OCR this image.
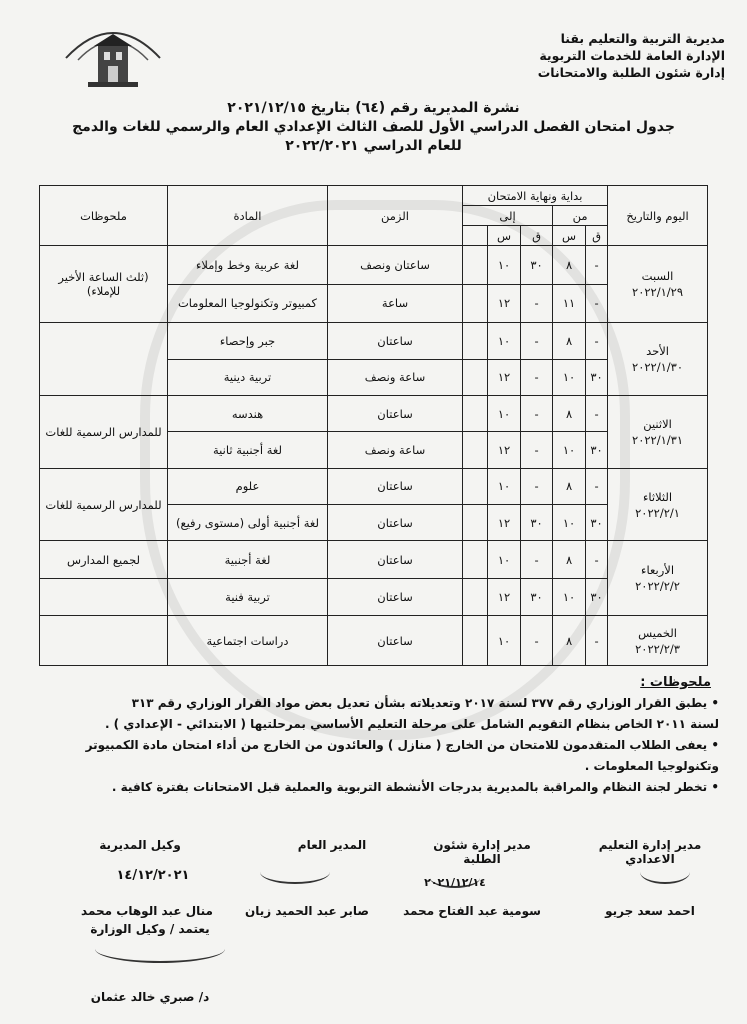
مديرية التربية والتعليم بقنا
الإدارة العامة للخدمات التربوية
إدارة شئون الطلبة والامتحانات
نشرة المديرية رقم (٦٤) بتاريخ ٢٠٢١/١٢/١٥
جدول امتحان الفصل الدراسي الأول للصف الثالث الإعدادي العام والرسمي للغات والدمج
للعام الدراسي ٢٠٢٢/٢٠٢١
اليوم والتاريخ	بداية ونهاية الامتحان					الزمن	المادة	ملحوظات
	من		إلى					
	ق	س	ق	س				

السبت
٢٠٢٢/١/٢٩	-	٨	٣٠	١٠		ساعتان ونصف	لغة عربية وخط وإملاء	(ثلث الساعة الأخير للإملاء)
	-	١١	-	١٢		ساعة	كمبيوتر وتكنولوجيا المعلومات	

الأحد
٢٠٢٢/١/٣٠	-	٨	-	١٠		ساعتان	جبر وإحصاء	
	٣٠	١٠	-	١٢		ساعة ونصف	تربية دينية	

الاثنين
٢٠٢٢/١/٣١	-	٨	-	١٠		ساعتان	هندسه	للمدارس الرسمية للغات
	٣٠	١٠	-	١٢		ساعة ونصف	لغة أجنبية ثانية	

الثلاثاء
٢٠٢٢/٢/١	-	٨	-	١٠		ساعتان	علوم	للمدارس الرسمية للغات
	٣٠	١٠	٣٠	١٢		ساعتان	لغة أجنبية أولى (مستوى رفيع)	

الأربعاء
٢٠٢٢/٢/٢	-	٨	-	١٠		ساعتان	لغة أجنبية	لجميع المدارس
	٣٠	١٠	٣٠	١٢		ساعتان	تربية فنية	

الخميس
٢٠٢٢/٢/٣	-	٨	-	١٠		ساعتان	دراسات اجتماعية	
ملحوظات :

• يطبق القرار الوزاري رقم ٣٧٧ لسنة ٢٠١٧ وتعديلاته بشأن تعديل بعض مواد القرار الوزاري رقم ٣١٣

لسنة ٢٠١١ الخاص بنظام التقويم الشامل على مرحلة التعليم الأساسي بمرحلتيها ( الابتدائي - الإعدادي ) .

• يعفى الطلاب المتقدمون للامتحان من الخارج ( منازل ) والعائدون من الخارج من أداء امتحان مادة الكمبيوتر

وتكنولوجيا المعلومات .

• تخطر لجنة النظام والمراقبة بالمديرية بدرجات الأنشطة التربوية والعملية قبل الامتحانات بفترة كافية .

مدير إدارة التعليم الاعدادي
مدير إدارة شئون الطلبة
المدير العام
وكيل المديرية
١٤/١٢/٢٠٢١	٢٠٢١/١٢/١٤
احمد سعد جريو
سومية عبد الفتاح محمد
صابر عبد الحميد زيان
منال عبد الوهاب محمد
يعتمد / وكيل الوزارة
د/ صبري خالد عثمان
